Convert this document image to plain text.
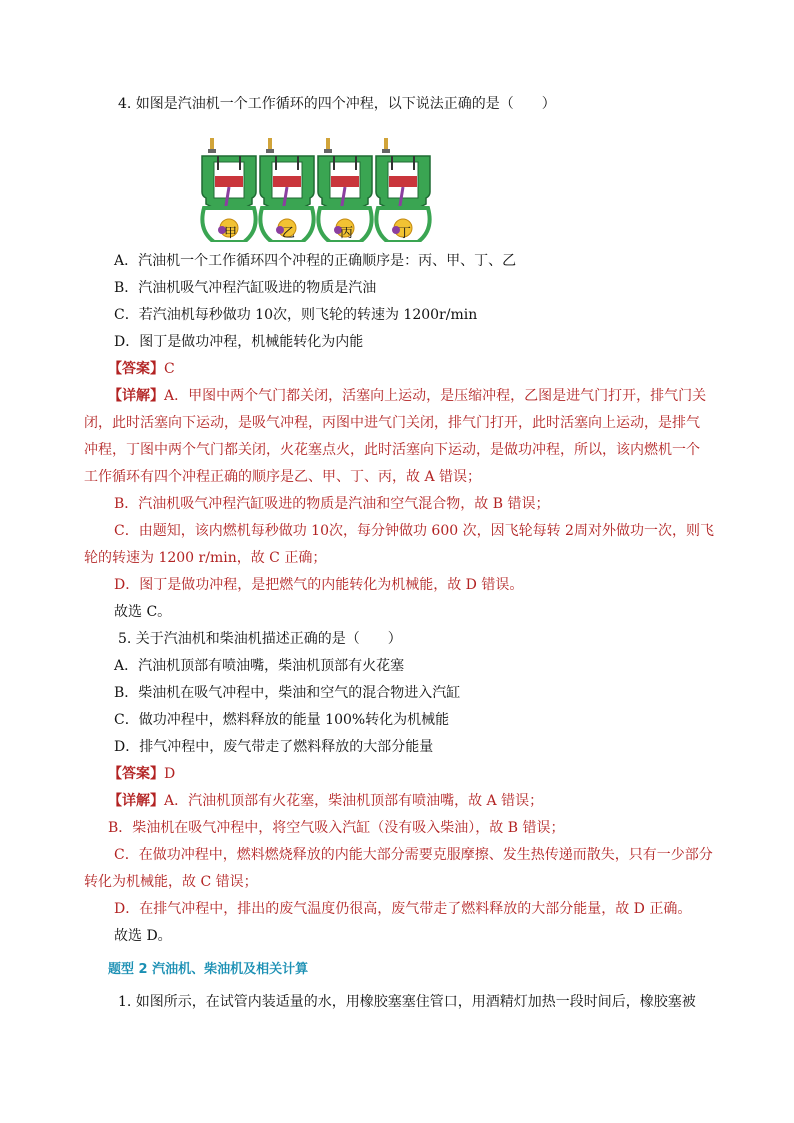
4. 如图是汽油机一个工作循环的四个冲程，以下说法正确的是（　　）
甲	乙	丙	丁
A．汽油机一个工作循环四个冲程的正确顺序是：丙、甲、丁、乙
B．汽油机吸气冲程汽缸吸进的物质是汽油
C．若汽油机每秒做功 10次，则飞轮的转速为 1200r/min
D．图丁是做功冲程，机械能转化为内能
【答案】C
【详解】A．甲图中两个气门都关闭，活塞向上运动，是压缩冲程，乙图是进气门打开，排气门关
闭，此时活塞向下运动，是吸气冲程，丙图中进气门关闭，排气门打开，此时活塞向上运动，是排气
冲程，丁图中两个气门都关闭，火花塞点火，此时活塞向下运动，是做功冲程，所以，该内燃机一个
工作循环有四个冲程正确的顺序是乙、甲、丁、丙，故 A 错误；
B．汽油机吸气冲程汽缸吸进的物质是汽油和空气混合物，故 B 错误；
C．由题知，该内燃机每秒做功 10次，每分钟做功 600 次，因飞轮每转 2周对外做功一次，则飞
轮的转速为 1200 r/min，故 C 正确；
D．图丁是做功冲程，是把燃气的内能转化为机械能，故 D 错误。
故选 C。
5. 关于汽油机和柴油机描述正确的是（　　）
A．汽油机顶部有喷油嘴，柴油机顶部有火花塞
B．柴油机在吸气冲程中，柴油和空气的混合物进入汽缸
C．做功冲程中，燃料释放的能量 100%转化为机械能
D．排气冲程中，废气带走了燃料释放的大部分能量
【答案】D
【详解】A．汽油机顶部有火花塞，柴油机顶部有喷油嘴，故 A 错误；
B．柴油机在吸气冲程中，将空气吸入汽缸（没有吸入柴油），故 B 错误；
C．在做功冲程中，燃料燃烧释放的内能大部分需要克服摩擦、发生热传递而散失，只有一少部分
转化为机械能，故 C 错误；
D．在排气冲程中，排出的废气温度仍很高，废气带走了燃料释放的大部分能量，故 D 正确。
故选 D。
题型 2 汽油机、柴油机及相关计算
1. 如图所示，在试管内装适量的水，用橡胶塞塞住管口，用酒精灯加热一段时间后，橡胶塞被
